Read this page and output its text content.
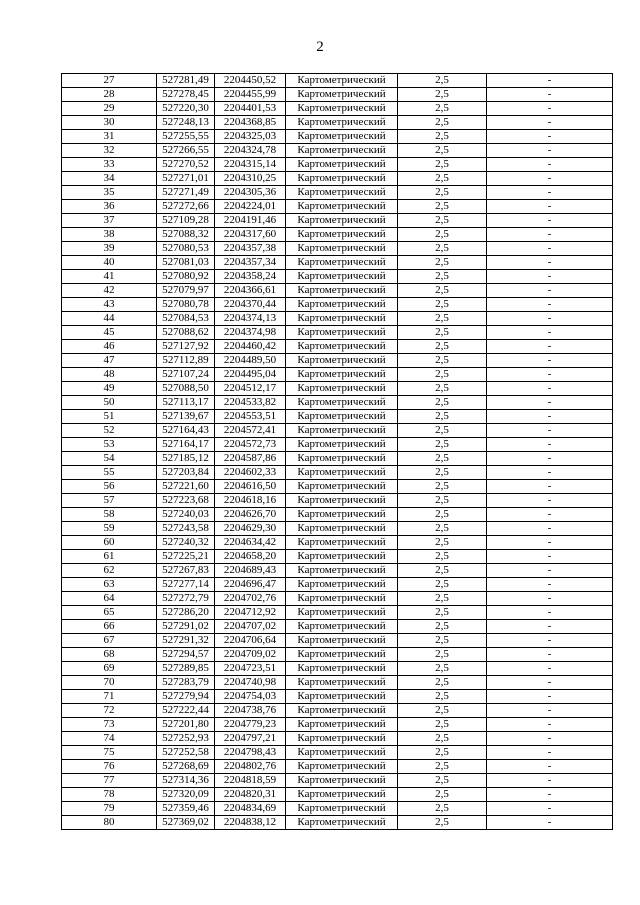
2
27	527281,49	2204450,52	Картометрический	2,5	-
28	527278,45	2204455,99	Картометрический	2,5	-
29	527220,30	2204401,53	Картометрический	2,5	-
30	527248,13	2204368,85	Картометрический	2,5	-
31	527255,55	2204325,03	Картометрический	2,5	-
32	527266,55	2204324,78	Картометрический	2,5	-
33	527270,52	2204315,14	Картометрический	2,5	-
34	527271,01	2204310,25	Картометрический	2,5	-
35	527271,49	2204305,36	Картометрический	2,5	-
36	527272,66	2204224,01	Картометрический	2,5	-
37	527109,28	2204191,46	Картометрический	2,5	-
38	527088,32	2204317,60	Картометрический	2,5	-
39	527080,53	2204357,38	Картометрический	2,5	-
40	527081,03	2204357,34	Картометрический	2,5	-
41	527080,92	2204358,24	Картометрический	2,5	-
42	527079,97	2204366,61	Картометрический	2,5	-
43	527080,78	2204370,44	Картометрический	2,5	-
44	527084,53	2204374,13	Картометрический	2,5	-
45	527088,62	2204374,98	Картометрический	2,5	-
46	527127,92	2204460,42	Картометрический	2,5	-
47	527112,89	2204489,50	Картометрический	2,5	-
48	527107,24	2204495,04	Картометрический	2,5	-
49	527088,50	2204512,17	Картометрический	2,5	-
50	527113,17	2204533,82	Картометрический	2,5	-
51	527139,67	2204553,51	Картометрический	2,5	-
52	527164,43	2204572,41	Картометрический	2,5	-
53	527164,17	2204572,73	Картометрический	2,5	-
54	527185,12	2204587,86	Картометрический	2,5	-
55	527203,84	2204602,33	Картометрический	2,5	-
56	527221,60	2204616,50	Картометрический	2,5	-
57	527223,68	2204618,16	Картометрический	2,5	-
58	527240,03	2204626,70	Картометрический	2,5	-
59	527243,58	2204629,30	Картометрический	2,5	-
60	527240,32	2204634,42	Картометрический	2,5	-
61	527225,21	2204658,20	Картометрический	2,5	-
62	527267,83	2204689,43	Картометрический	2,5	-
63	527277,14	2204696,47	Картометрический	2,5	-
64	527272,79	2204702,76	Картометрический	2,5	-
65	527286,20	2204712,92	Картометрический	2,5	-
66	527291,02	2204707,02	Картометрический	2,5	-
67	527291,32	2204706,64	Картометрический	2,5	-
68	527294,57	2204709,02	Картометрический	2,5	-
69	527289,85	2204723,51	Картометрический	2,5	-
70	527283,79	2204740,98	Картометрический	2,5	-
71	527279,94	2204754,03	Картометрический	2,5	-
72	527222,44	2204738,76	Картометрический	2,5	-
73	527201,80	2204779,23	Картометрический	2,5	-
74	527252,93	2204797,21	Картометрический	2,5	-
75	527252,58	2204798,43	Картометрический	2,5	-
76	527268,69	2204802,76	Картометрический	2,5	-
77	527314,36	2204818,59	Картометрический	2,5	-
78	527320,09	2204820,31	Картометрический	2,5	-
79	527359,46	2204834,69	Картометрический	2,5	-
80	527369,02	2204838,12	Картометрический	2,5	-
